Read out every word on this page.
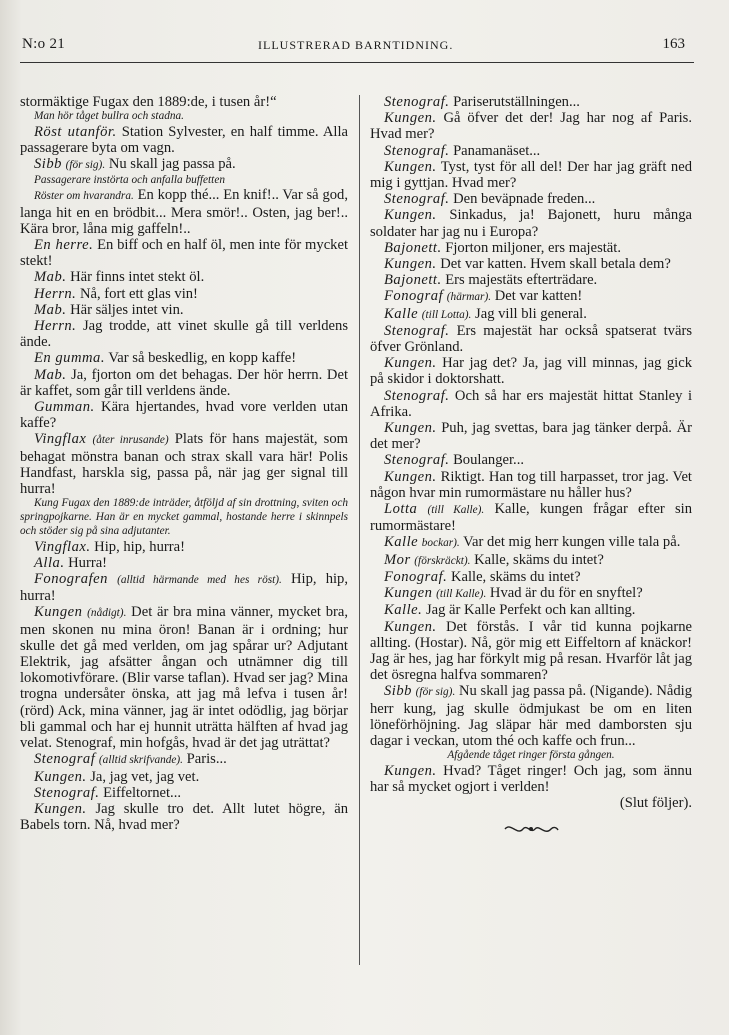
N:o 21	ILLUSTRERAD BARNTIDNING.	163

stormäktige Fugax den 1889:de, i tusen år!“

Man hör tåget bullra och stadna.

Röst utanför. Station Sylvester, en half timme. Alla passagerare byta om vagn.

Sibb (för sig). Nu skall jag passa på.

Passagerare instörta och anfalla buffetten

Röster om hvarandra. En kopp thé... En knif!.. Var så god, langa hit en en brödbit... Mera smör!.. Osten, jag ber!.. Kära bror, låna mig gaffeln!..

En herre. En biff och en half öl, men inte för mycket stekt!

Mab. Här finns intet stekt öl.

Herrn. Nå, fort ett glas vin!

Mab. Här säljes intet vin.

Herrn. Jag trodde, att vinet skulle gå till verldens ände.

En gumma. Var så beskedlig, en kopp kaffe!

Mab. Ja, fjorton om det behagas. Der hör herrn. Det är kaffet, som går till verldens ände.

Gumman. Kära hjertandes, hvad vore verlden utan kaffe?

Vingflax (åter inrusande) Plats för hans majestät, som behagat mönstra banan och strax skall vara här! Polis Handfast, harskla sig, passa på, när jag ger signal till hurra!

Kung Fugax den 1889:de inträder, åtföljd af sin drottning, sviten och springpojkarne. Han är en mycket gammal, hostande herre i skinnpels och stöder sig på sina adjutanter.

Vingflax. Hip, hip, hurra!

Alla. Hurra!

Fonografen (alltid härmande med hes röst). Hip, hip, hurra!

Kungen (nådigt). Det är bra mina vänner, mycket bra, men skonen nu mina öron! Banan är i ordning; hur skulle det gå med verlden, om jag spårar ur? Adjutant Elektrik, jag afsätter ångan och utnämner dig till lokomotivförare. (Blir varse taflan). Hvad ser jag? Mina trogna undersåter önska, att jag må lefva i tusen år! (rörd) Ack, mina vänner, jag är intet odödlig, jag börjar bli gammal och har ej hunnit uträtta hälften af hvad jag velat. Stenograf, min hofgås, hvad är det jag uträttat?

Stenograf (alltid skrifvande). Paris...

Kungen. Ja, jag vet, jag vet.

Stenograf. Eiffeltornet...

Kungen. Jag skulle tro det. Allt lutet högre, än Babels torn. Nå, hvad mer?

Stenograf. Pariserutställningen...

Kungen. Gå öfver det der! Jag har nog af Paris. Hvad mer?

Stenograf. Panamanäset...

Kungen. Tyst, tyst för all del! Der har jag gräft ned mig i gyttjan. Hvad mer?

Stenograf. Den beväpnade freden...

Kungen. Sinkadus, ja! Bajonett, huru många soldater har jag nu i Europa?

Bajonett. Fjorton miljoner, ers majestät.

Kungen. Det var katten. Hvem skall betala dem?

Bajonett. Ers majestäts efterträdare.

Fonograf (härmar). Det var katten!

Kalle (till Lotta). Jag vill bli general.

Stenograf. Ers majestät har också spatserat tvärs öfver Grönland.

Kungen. Har jag det? Ja, jag vill minnas, jag gick på skidor i doktorshatt.

Stenograf. Och så har ers majestät hittat Stanley i Afrika.

Kungen. Puh, jag svettas, bara jag tänker derpå. Är det mer?

Stenograf. Boulanger...

Kungen. Riktigt. Han tog till harpasset, tror jag. Vet någon hvar min rumormästare nu håller hus?

Lotta (till Kalle). Kalle, kungen frågar efter sin rumormästare!

Kalle bockar). Var det mig herr kungen ville tala på.

Mor (förskräckt). Kalle, skäms du intet?

Fonograf. Kalle, skäms du intet?

Kungen (till Kalle). Hvad är du för en snyftel?

Kalle. Jag är Kalle Perfekt och kan allting.

Kungen. Det förstås. I vår tid kunna pojkarne allting. (Hostar). Nå, gör mig ett Eiffeltorn af knäckor! Jag är hes, jag har förkylt mig på resan. Hvarför låt jag det ösregna halfva sommaren?

Sibb (för sig). Nu skall jag passa på. (Nigande). Nådig herr kung, jag skulle ödmjukast be om en liten löneförhöjning. Jag släpar här med damborsten sju dagar i veckan, utom thé och kaffe och frun...

Afgående tåget ringer första gången.

Kungen. Hvad? Tåget ringer! Och jag, som ännu har så mycket ogjort i verlden!

(Slut följer).
